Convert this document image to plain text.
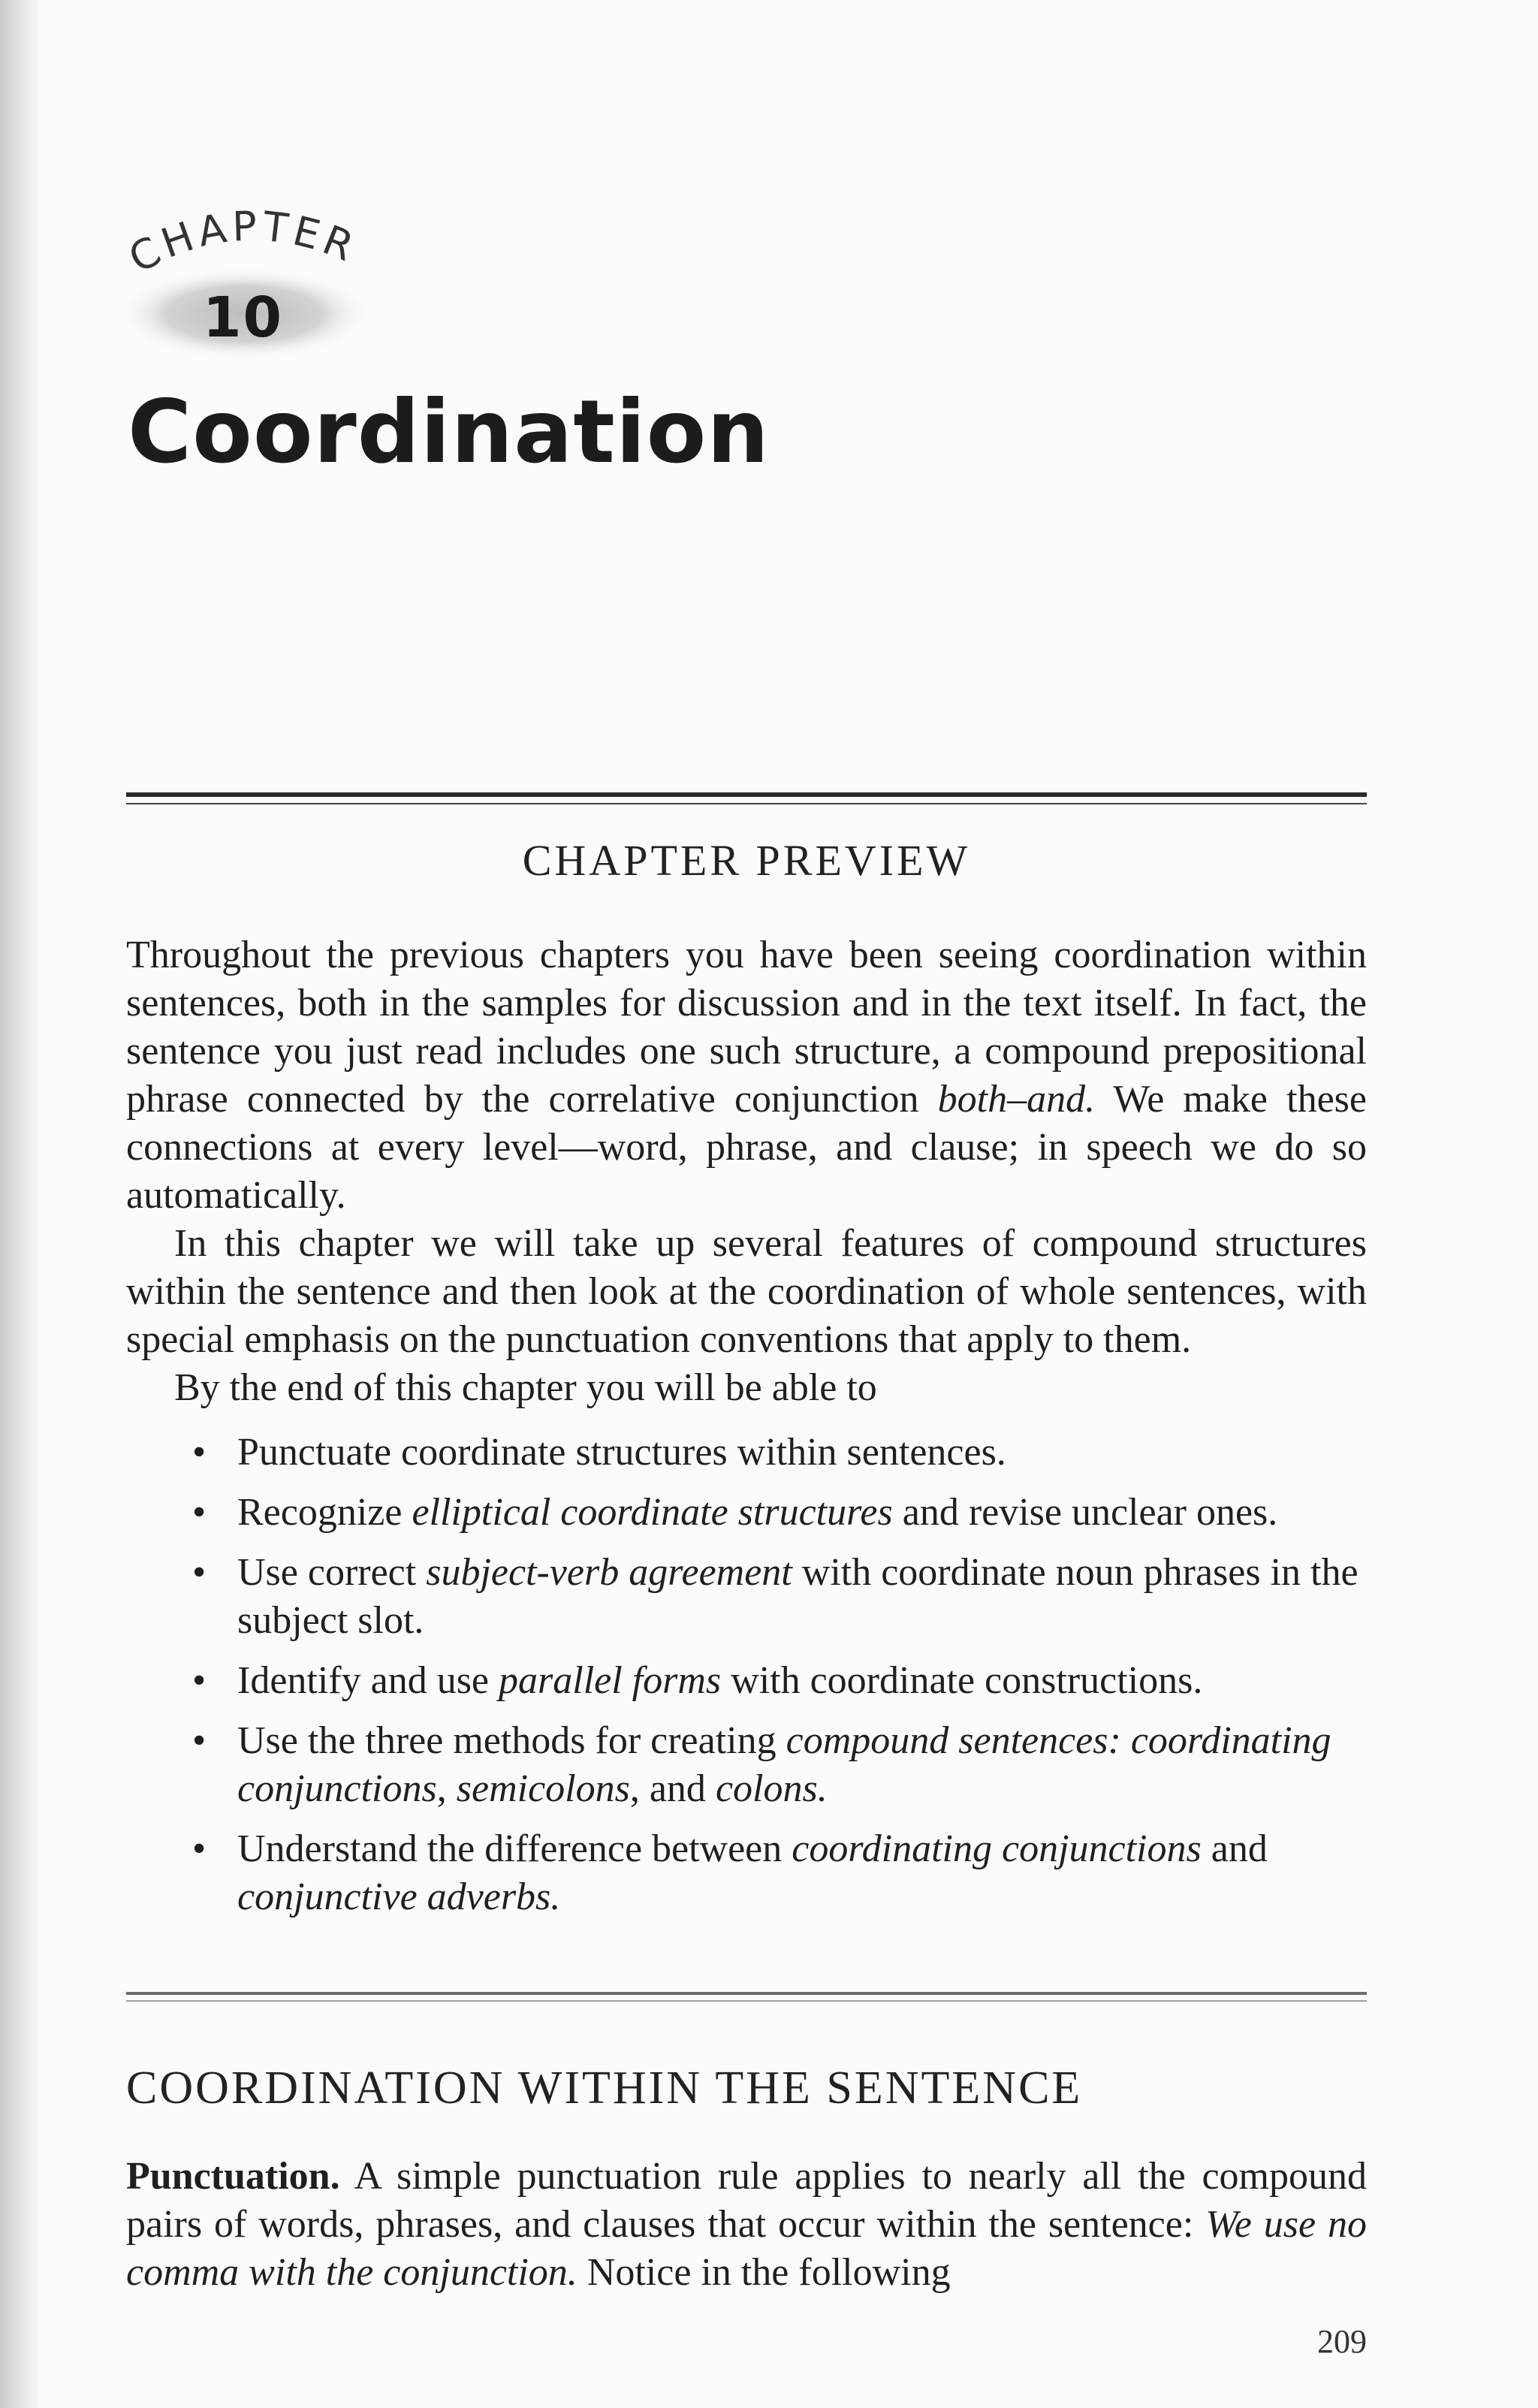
CHAPTER
10
Coordination
CHAPTER PREVIEW

Throughout the previous chapters you have been seeing coordination within sentences, both in the samples for discussion and in the text itself. In fact, the sentence you just read includes one such structure, a compound prepositional phrase connected by the correlative conjunction both–and. We make these connections at every level—word, phrase, and clause; in speech we do so automatically.

In this chapter we will take up several features of compound structures within the sentence and then look at the coordination of whole sentences, with special emphasis on the punctuation conventions that apply to them.

By the end of this chapter you will be able to

• Punctuate coordinate structures within sentences.
• Recognize elliptical coordinate structures and revise unclear ones.
• Use correct subject-verb agreement with coordinate noun phrases in the subject slot.
• Identify and use parallel forms with coordinate constructions.
• Use the three methods for creating compound sentences: coordinating conjunctions, semicolons, and colons.
• Understand the difference between coordinating conjunctions and conjunctive adverbs.
COORDINATION WITHIN THE SENTENCE

Punctuation. A simple punctuation rule applies to nearly all the compound pairs of words, phrases, and clauses that occur within the sentence: We use no comma with the conjunction. Notice in the following

209
